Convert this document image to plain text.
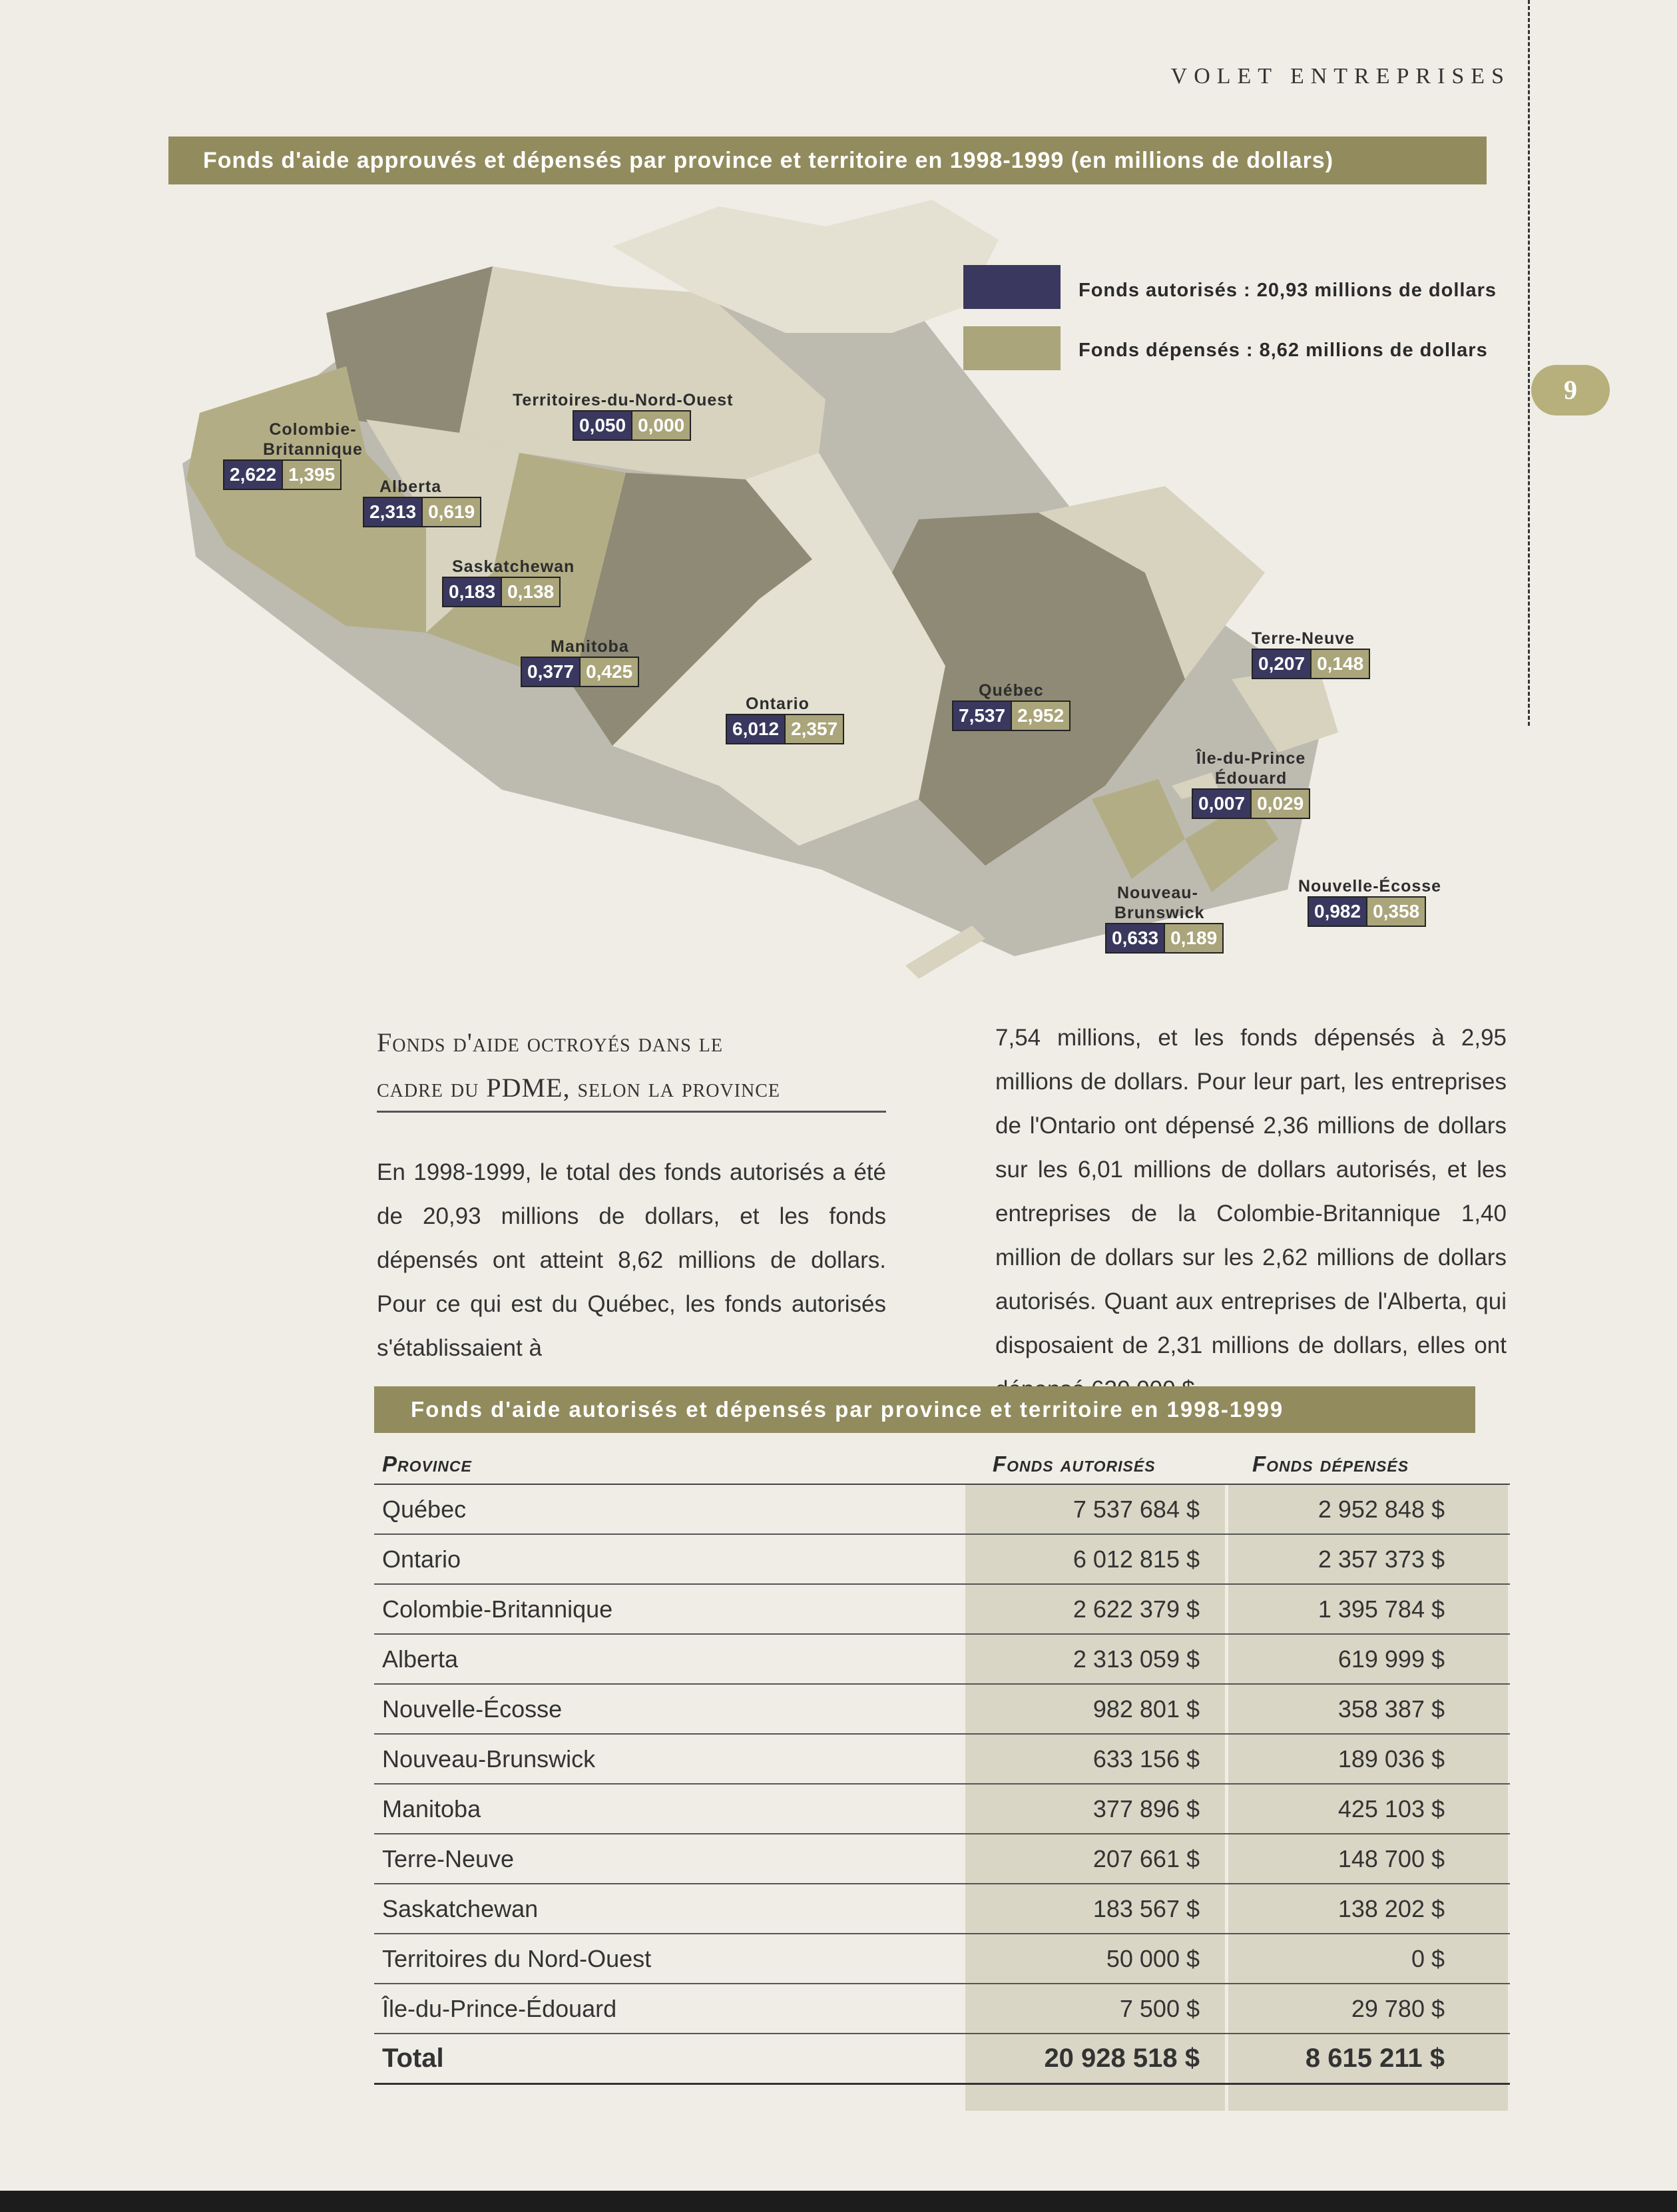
VOLET ENTREPRISES
9
Fonds d'aide approuvés et dépensés par province et territoire en 1998-1999 (en millions de dollars)
Fonds autorisés : 20,93 millions de dollars
Fonds dépensés : 8,62 millions de dollars
Territoires-du-Nord-Ouest
0,050 0,000
Colombie-
Britannique
2,622 1,395
Alberta
2,313 0,619
Saskatchewan
0,183 0,138
Manitoba
0,377 0,425
Ontario
6,012 2,357
Québec
7,537 2,952
Terre-Neuve
0,207 0,148
Île-du-Prince
Édouard
0,007 0,029
Nouveau-
Brunswick
0,633 0,189
Nouvelle-Écosse
0,982 0,358
Fonds d'aide octroyés dans le
cadre du PDME, selon la province
En 1998-1999, le total des fonds autorisés a été de 20,93 millions de dollars, et les fonds dépensés ont atteint 8,62 millions de dollars. Pour ce qui est du Québec, les fonds autorisés s'établissaient à
7,54 millions, et les fonds dépensés à 2,95 millions de dollars. Pour leur part, les entreprises de l'Ontario ont dépensé 2,36 millions de dollars sur les 6,01 millions de dollars autorisés, et les entreprises de la Colombie-Britannique 1,40 million de dollars sur les 2,62 millions de dollars autorisés. Quant aux entreprises de l'Alberta, qui disposaient de 2,31 millions de dollars, elles ont
Fonds d'aide autorisés et dépensés par province et territoire en 1998-1999
Province	Fonds autorisés	Fonds dépensés
Québec	7 537 684 $	2 952 848 $
Ontario	6 012 815 $	2 357 373 $
Colombie-Britannique	2 622 379 $	1 395 784 $
Alberta	2 313 059 $	619 999 $
Nouvelle-Écosse	982 801 $	358 387 $
Nouveau-Brunswick	633 156 $	189 036 $
Manitoba	377 896 $	425 103 $
Terre-Neuve	207 661 $	148 700 $
Saskatchewan	183 567 $	138 202 $
Territoires du Nord-Ouest	50 000 $	0 $
Île-du-Prince-Édouard	7 500 $	29 780 $
Total	20 928 518 $	8 615 211 $
